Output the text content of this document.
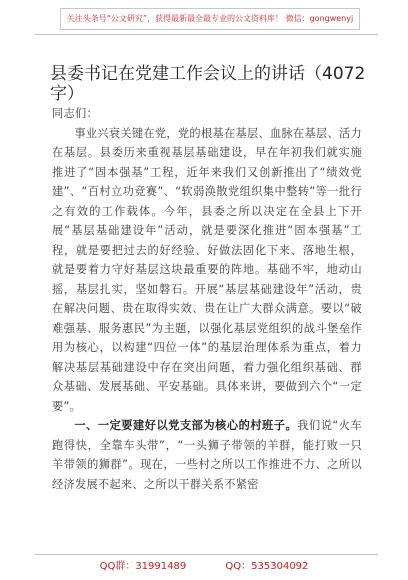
关注头条号“公文研究”，获得最新最全最专业的公文资料库！ 微信：gongwenyj
县委书记在党建工作会议上的讲话（4072字）

同志们：

事业兴衰关键在党，党的根基在基层、血脉在基层、活力在基层。县委历来重视基层基础建设，早在年初我们就实施推进了“固本强基”工程，近年来我们又创新推出了“绩效党建”、“百村立功竞赛”、“软弱涣散党组织集中整转”等一批行之有效的工作载体。今年，县委之所以决定在全县上下开展“基层基础建设年”活动，就是要深化推进“固本强基”工程，就是要把过去的好经验、好做法固化下来、落地生根，就是要着力守好基层这块最重要的阵地。基础不牢，地动山摇，基层扎实，坚如磐石。开展“基层基础建设年”活动，贵在解决问题、贵在取得实效、贵在让广大群众满意。要以“破难强基、服务惠民”为主题，以强化基层党组织的战斗堡垒作用为核心，以构建“四位一体”的基层治理体系为重点，着力解决基层基础建设中存在突出问题，着力强化组织基础、群众基础、发展基础、平安基础。具体来讲，要做到六个“一定要”。

一、一定要建好以党支部为核心的村班子。我们说“火车跑得快，全靠车头带”，“一头狮子带领的羊群，能打败一只羊带领的狮群”。现在，一些村之所以工作推进不力、之所以经济发展不起来、之所以干群关系不紧密

QQ群：31991489	QQ：535304092
